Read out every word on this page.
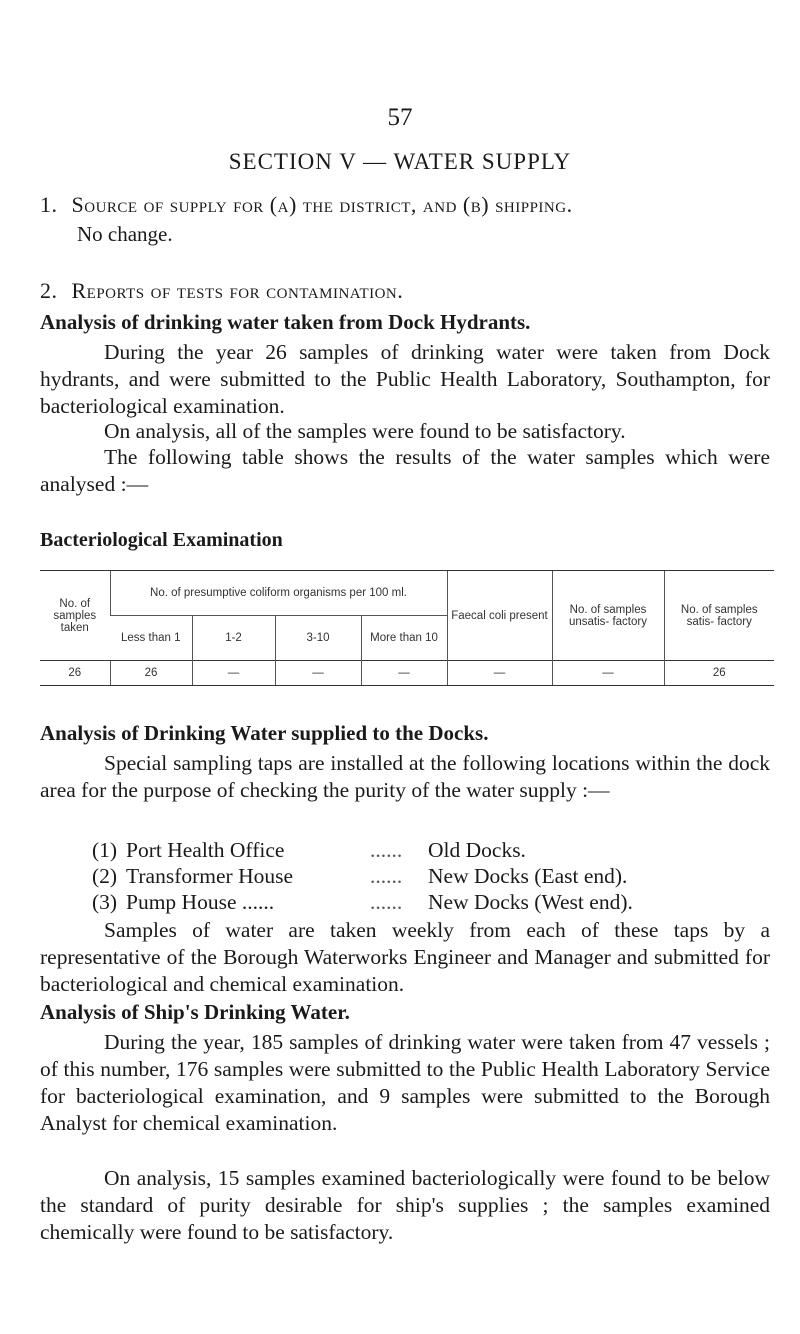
57
SECTION V — WATER SUPPLY
1. Source of supply for (a) the district, and (b) shipping.
No change.
2. Reports of tests for contamination.
Analysis of drinking water taken from Dock Hydrants.
During the year 26 samples of drinking water were taken from Dock hydrants, and were submitted to the Public Health Laboratory, Southampton, for bacteriological examination.
On analysis, all of the samples were found to be satisfactory.
The following table shows the results of the water samples which were analysed :—
Bacteriological Examination
No. of samples taken	No. of presumptive coliform organisms per 100 ml.				Faecal coli present	No. of samples unsatis- factory	No. of samples satis- factory
	Less than 1	1-2	3-10	More than 10			
26	26	—	—	—	—	—	26
Analysis of Drinking Water supplied to the Docks.
Special sampling taps are installed at the following locations within the dock area for the purpose of checking the purity of the water supply :—
(1) Port Health Office	...... Old Docks.
(2) Transformer House	...... New Docks (East end).
(3) Pump House ......	...... New Docks (West end).
Samples of water are taken weekly from each of these taps by a representative of the Borough Waterworks Engineer and Manager and submitted for bacteriological and chemical examination.
Analysis of Ship's Drinking Water.
During the year, 185 samples of drinking water were taken from 47 vessels ; of this number, 176 samples were submitted to the Public Health Laboratory Service for bacteriological examination, and 9 samples were submitted to the Borough Analyst for chemical examination.
On analysis, 15 samples examined bacteriologically were found to be below the standard of purity desirable for ship's supplies ; the samples examined chemically were found to be satisfactory.
